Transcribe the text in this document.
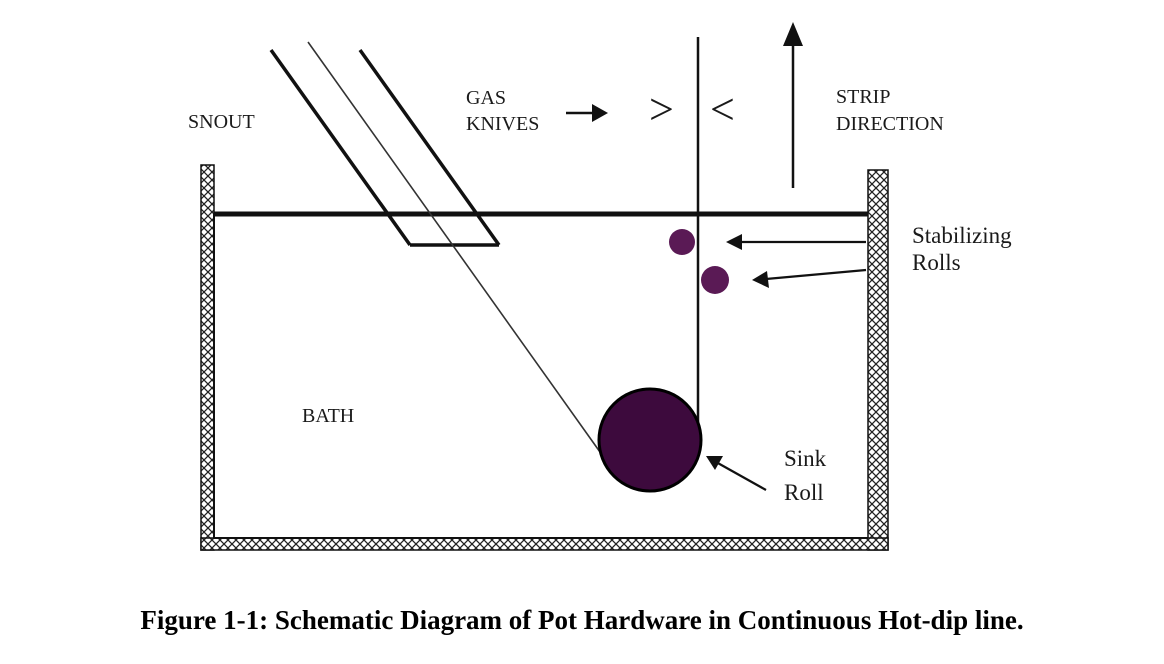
> <
SNOUT
GAS
KNIVES
STRIP
DIRECTION
Stabilizing
Rolls
BATH
Sink
Roll
Figure 1-1: Schematic Diagram of Pot Hardware in Continuous Hot-dip line.
